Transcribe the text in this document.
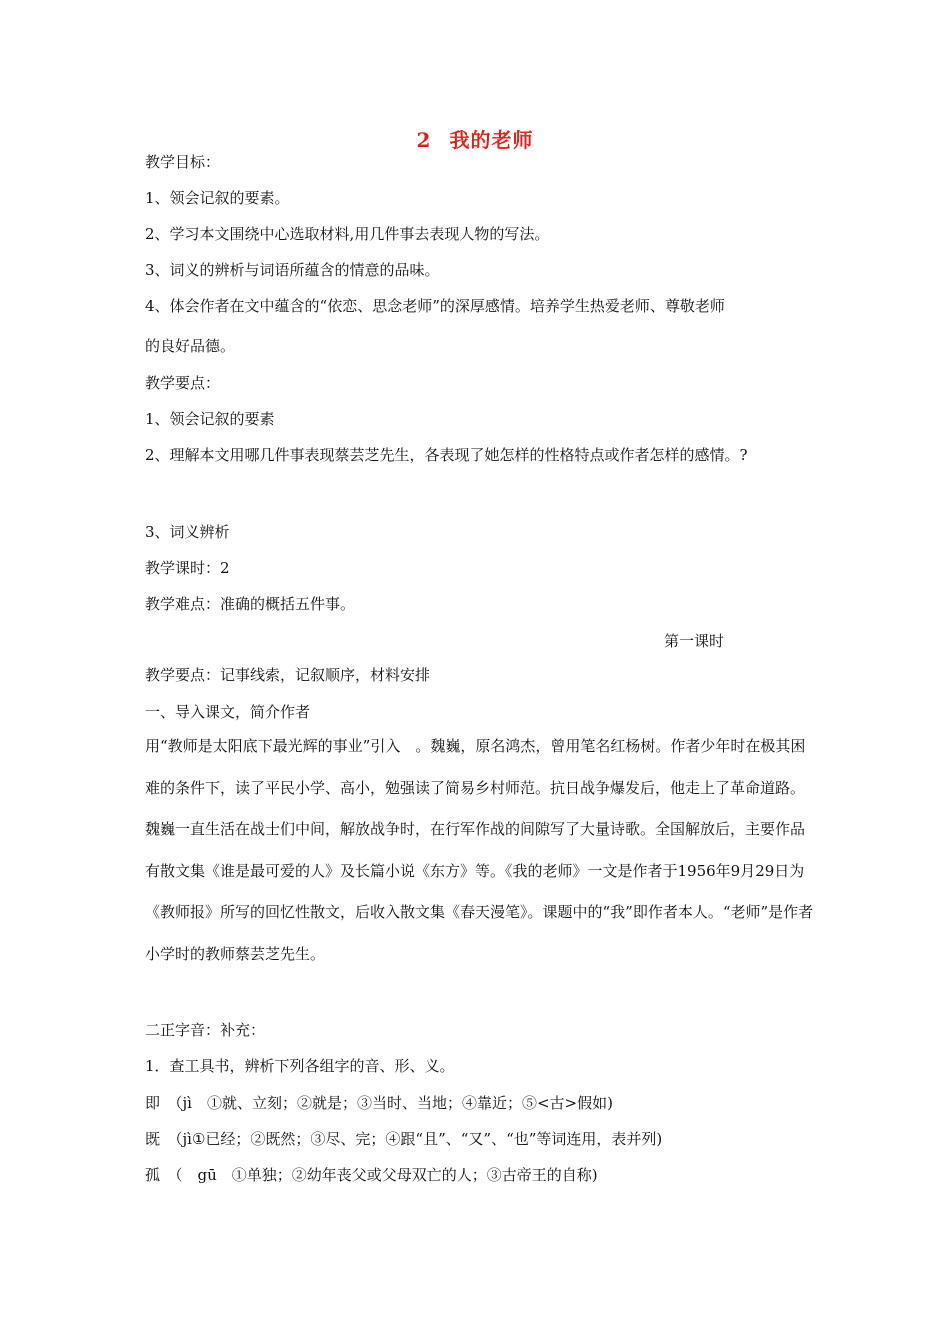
2 我的老师
教学目标：
1、领会记叙的要素。
2、学习本文围绕中心选取材料,用几件事去表现人物的写法。
3、词义的辨析与词语所蕴含的情意的品味。
4、体会作者在文中蕴含的“依恋、思念老师”的深厚感情。培养学生热爱老师、尊敬老师
的良好品德。
教学要点：
1、领会记叙的要素
2、理解本文用哪几件事表现蔡芸芝先生，各表现了她怎样的性格特点或作者怎样的感情。?
3、词义辨析
教学课时：2
教学难点：准确的概括五件事。
第一课时
教学要点：记事线索，记叙顺序，材料安排
一、导入课文，简介作者
用“教师是太阳底下最光辉的事业”引入　。魏巍，原名鸿杰，曾用笔名红杨树。作者少年时在极其困难的条件下，读了平民小学、高小，勉强读了简易乡村师范。抗日战争爆发后，他走上了革命道路。魏巍一直生活在战士们中间，解放战争时，在行军作战的间隙写了大量诗歌。全国解放后，主要作品有散文集《谁是最可爱的人》及长篇小说《东方》等。《我的老师》一文是作者于1956年9月29日为《教师报》所写的回忆性散文，后收入散文集《春天漫笔》。课题中的“我”即作者本人。“老师”是作者小学时的教师蔡芸芝先生。
二正字音：补充：
1．查工具书，辨析下列各组字的音、形、义。
即　（jì　①就、立刻；②就是；③当时、当地；④靠近；⑤<古>假如)
既　（jì①已经；②既然；③尽、完；④跟“且”、“又”、“也”等词连用，表并列)
孤　（　gū　①单独；②幼年丧父或父母双亡的人；③古帝王的自称)
